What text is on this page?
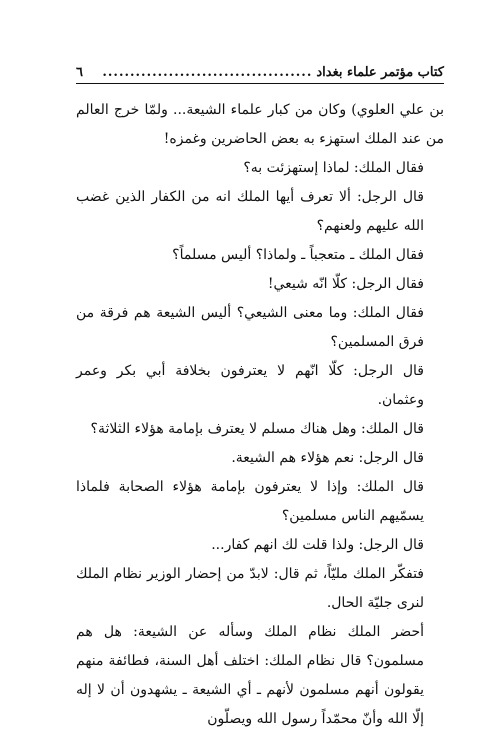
كتاب مؤتمر علماء بغداد
......................................
٦

بن علي العلوي) وكان من كبار علماء الشيعة... ولمّا خرج العالم من عند الملك استهزء به بعض الحاضرين وغمزه!

فقال الملك: لماذا إستهزئت به؟

قال الرجل: ألا تعرف أيها الملك انه من الكفار الذين غضب الله عليهم ولعنهم؟

فقال الملك ـ متعجباً ـ ولماذا؟ أليس مسلماً؟

فقال الرجل: كلّا انّه شيعي!

فقال الملك: وما معنى الشيعي؟ أليس الشيعة هم فرقة من فرق المسلمين؟

قال الرجل: كلّا انّهم لا يعترفون بخلافة أبي بكر وعمر وعثمان.

قال الملك: وهل هناك مسلم لا يعترف بإمامة هؤلاء الثلاثة؟

قال الرجل: نعم هؤلاء هم الشيعة.

قال الملك: وإذا لا يعترفون بإمامة هؤلاء الصحابة فلماذا يسمّيهم الناس مسلمين؟

قال الرجل: ولذا قلت لك انهم كفار...

فتفكّر الملك مليّاً، ثم قال: لابدّ من إحضار الوزير نظام الملك لنرى جليّة الحال.

أحضر الملك نظام الملك وسأله عن الشيعة: هل هم مسلمون؟ قال نظام الملك: اختلف أهل السنة، فطائفة منهم يقولون أنهم مسلمون لأنهم ـ أي الشيعة ـ يشهدون أن لا إله إلّا الله وأنّ محمّداً رسول الله ويصلّون
